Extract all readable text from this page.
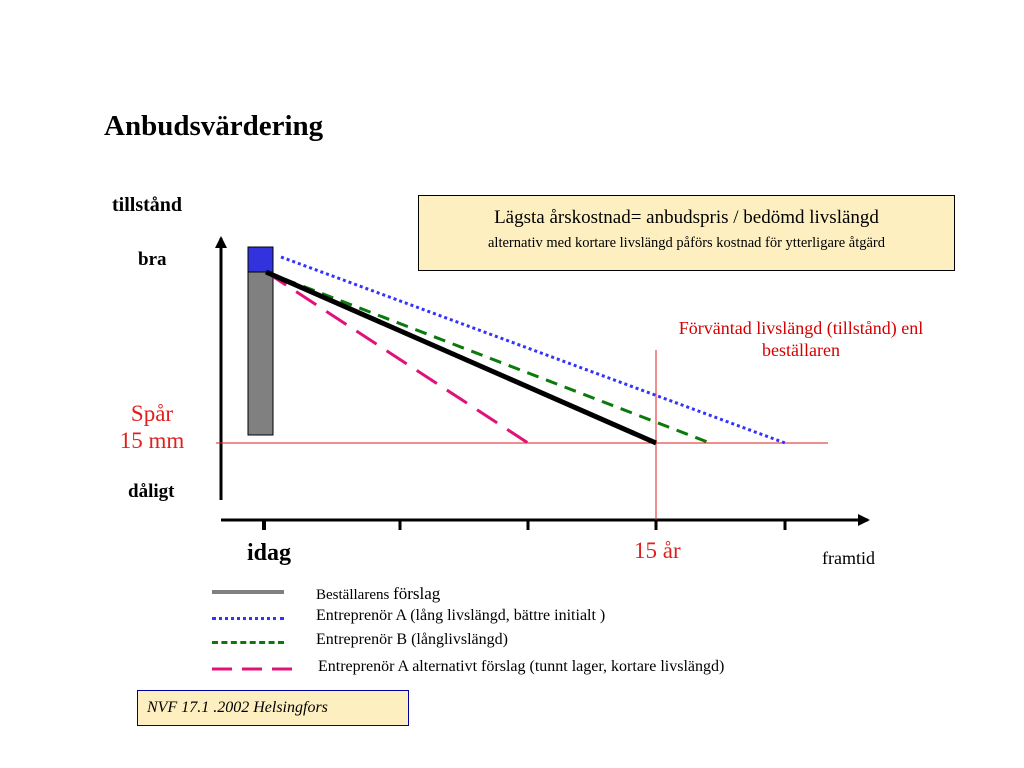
Anbudsvärdering
tillstånd
bra
dåligt
Spår
15 mm
idag	15 år	framtid
Förväntad livslängd (tillstånd) enl beställaren
Lägsta årskostnad= anbudspris / bedömd livslängd
alternativ med kortare livslängd påförs kostnad för ytterligare åtgärd
Beställarens förslag
Entreprenör A (lång livslängd, bättre initialt )
Entreprenör B (långlivslängd)
Entreprenör A alternativt förslag (tunnt lager, kortare livslängd)
NVF 17.1 .2002 Helsingfors
